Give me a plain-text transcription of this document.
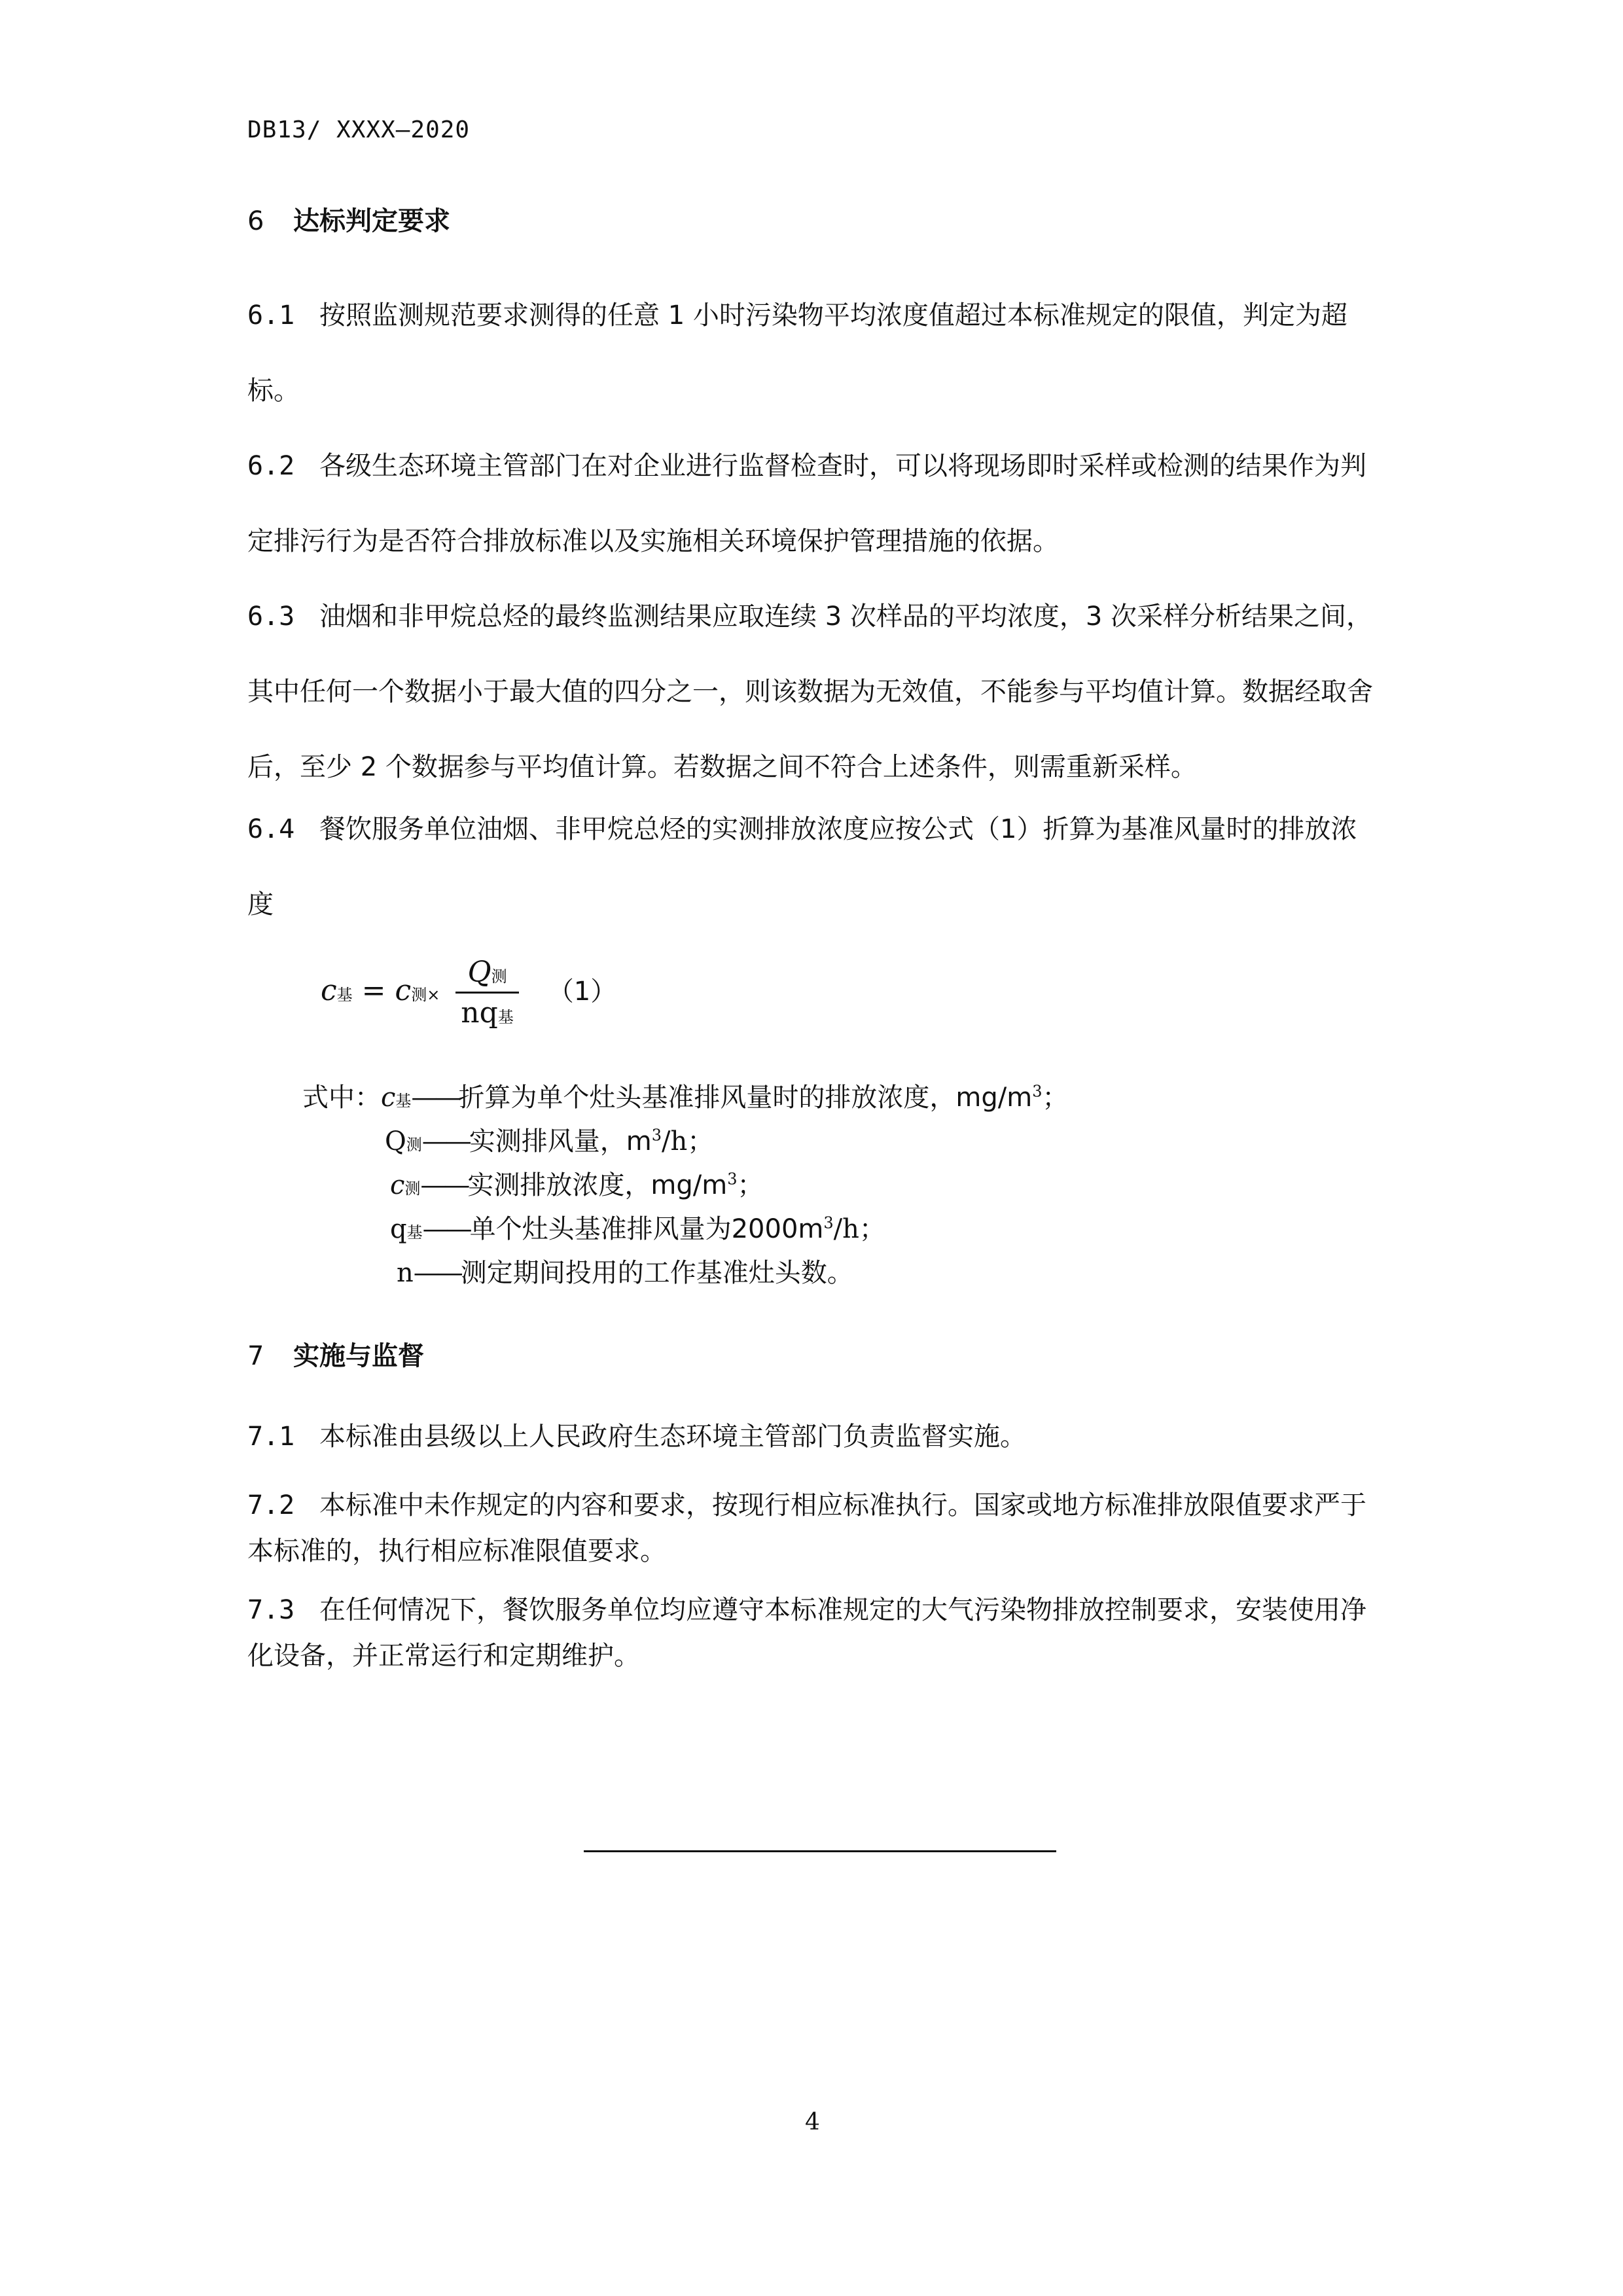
DB13/ XXXX—2020
6 达标判定要求
6.1 按照监测规范要求测得的任意 1 小时污染物平均浓度值超过本标准规定的限值，判定为超标。
6.2 各级生态环境主管部门在对企业进行监督检查时，可以将现场即时采样或检测的结果作为判定排污行为是否符合排放标准以及实施相关环境保护管理措施的依据。
6.3 油烟和非甲烷总烃的最终监测结果应取连续 3 次样品的平均浓度，3 次采样分析结果之间，其中任何一个数据小于最大值的四分之一，则该数据为无效值，不能参与平均值计算。数据经取舍后，至少 2 个数据参与平均值计算。若数据之间不符合上述条件，则需重新采样。
6.4 餐饮服务单位油烟、非甲烷总烃的实测排放浓度应按公式（1）折算为基准风量时的排放浓度
c基 = c测× $\frac{\text{Q测}}{\text{nq基}} (1)$
式中：c基——折算为单个灶头基准排风量时的排放浓度，$mg/m^3$；
Q测——实测排风量，$m^3/h$；
c测——实测排放浓度，$mg/m^3$；
q基——单个灶头基准排风量为$2000m^3/h$；
n——测定期间投用的工作基准灶头数。
7 实施与监督
7.1 本标准由县级以上人民政府生态环境主管部门负责监督实施。
7.2 本标准中未作规定的内容和要求，按现行相应标准执行。国家或地方标准排放限值要求严于本标准的，执行相应标准限值要求。
7.3 在任何情况下，餐饮服务单位均应遵守本标准规定的大气污染物排放控制要求，安装使用净化设备，并正常运行和定期维护。
4
